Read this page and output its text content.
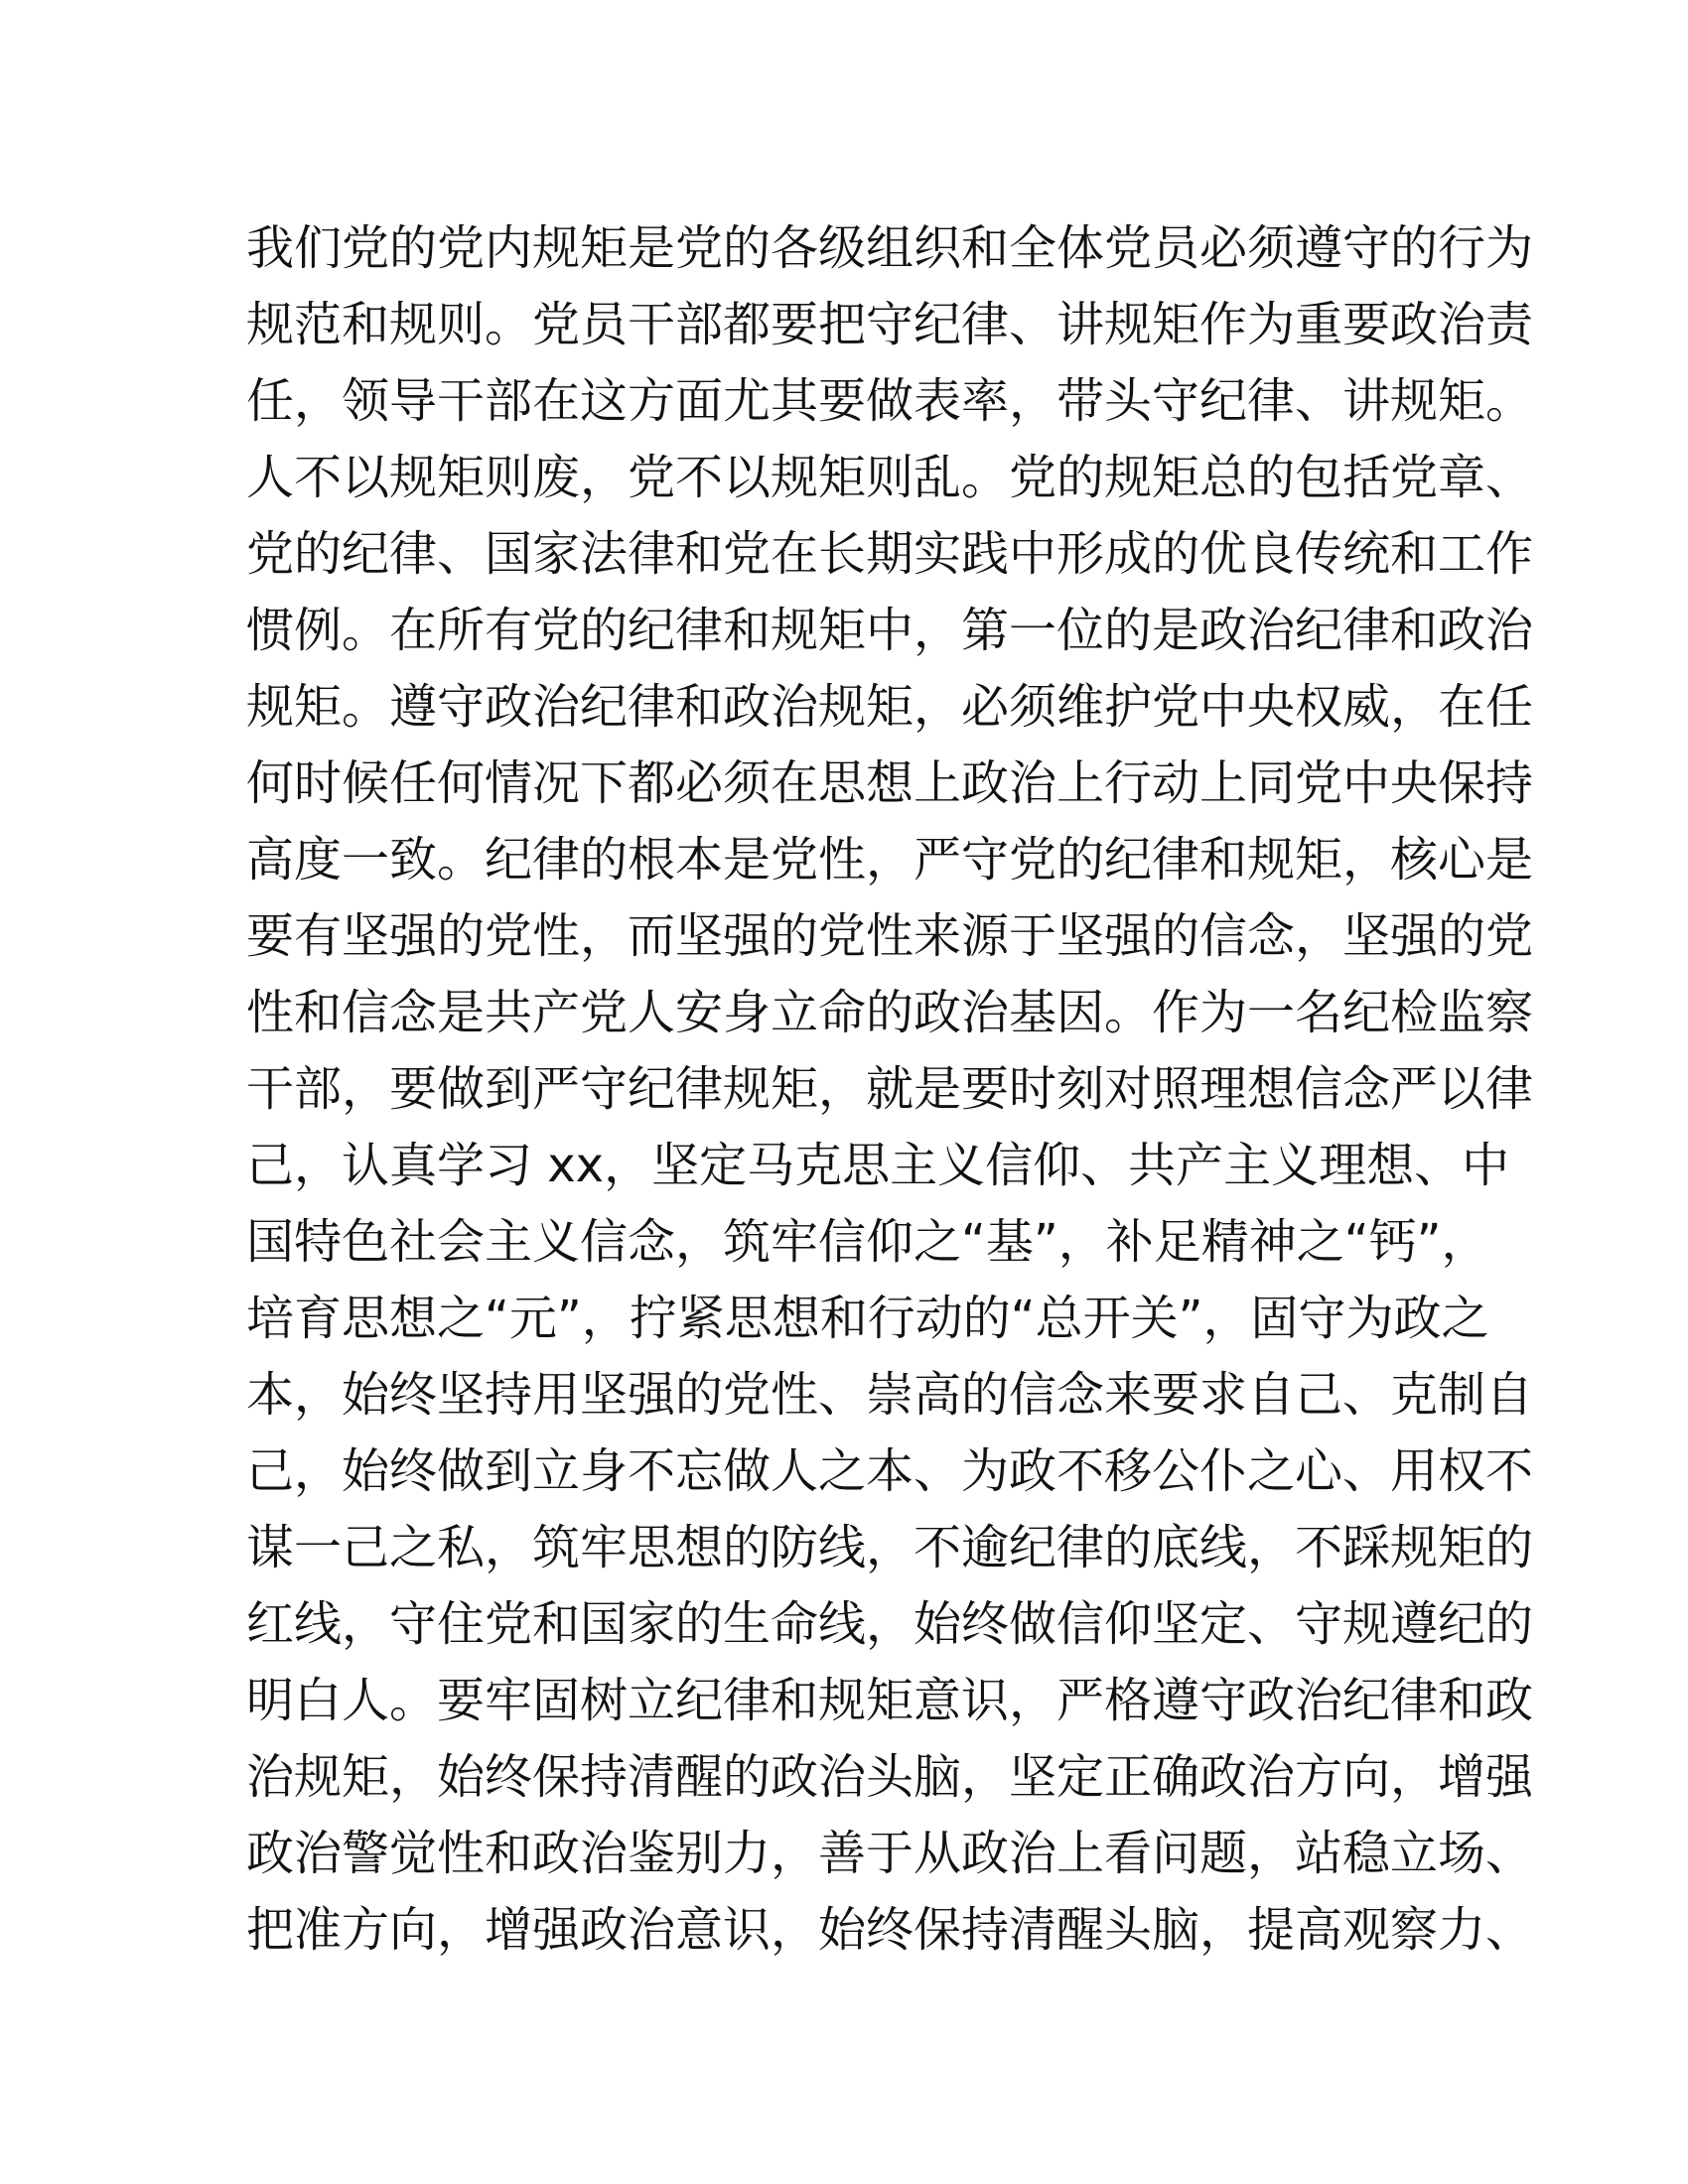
我们党的党内规矩是党的各级组织和全体党员必须遵守的行为
规范和规则。党员干部都要把守纪律、讲规矩作为重要政治责
任，领导干部在这方面尤其要做表率，带头守纪律、讲规矩。
人不以规矩则废，党不以规矩则乱。党的规矩总的包括党章、
党的纪律、国家法律和党在长期实践中形成的优良传统和工作
惯例。在所有党的纪律和规矩中，第一位的是政治纪律和政治
规矩。遵守政治纪律和政治规矩，必须维护党中央权威，在任
何时候任何情况下都必须在思想上政治上行动上同党中央保持
高度一致。纪律的根本是党性，严守党的纪律和规矩，核心是
要有坚强的党性，而坚强的党性来源于坚强的信念，坚强的党
性和信念是共产党人安身立命的政治基因。作为一名纪检监察
干部，要做到严守纪律规矩，就是要时刻对照理想信念严以律
己，认真学习 xx，坚定马克思主义信仰、共产主义理想、中
国特色社会主义信念，筑牢信仰之“基”，补足精神之“钙”，
培育思想之“元”，拧紧思想和行动的“总开关”，固守为政之
本，始终坚持用坚强的党性、崇高的信念来要求自己、克制自
己，始终做到立身不忘做人之本、为政不移公仆之心、用权不
谋一己之私，筑牢思想的防线，不逾纪律的底线，不踩规矩的
红线，守住党和国家的生命线，始终做信仰坚定、守规遵纪的
明白人。要牢固树立纪律和规矩意识，严格遵守政治纪律和政
治规矩，始终保持清醒的政治头脑，坚定正确政治方向，增强
政治警觉性和政治鉴别力，善于从政治上看问题，站稳立场、
把准方向，增强政治意识，始终保持清醒头脑，提高观察力、
